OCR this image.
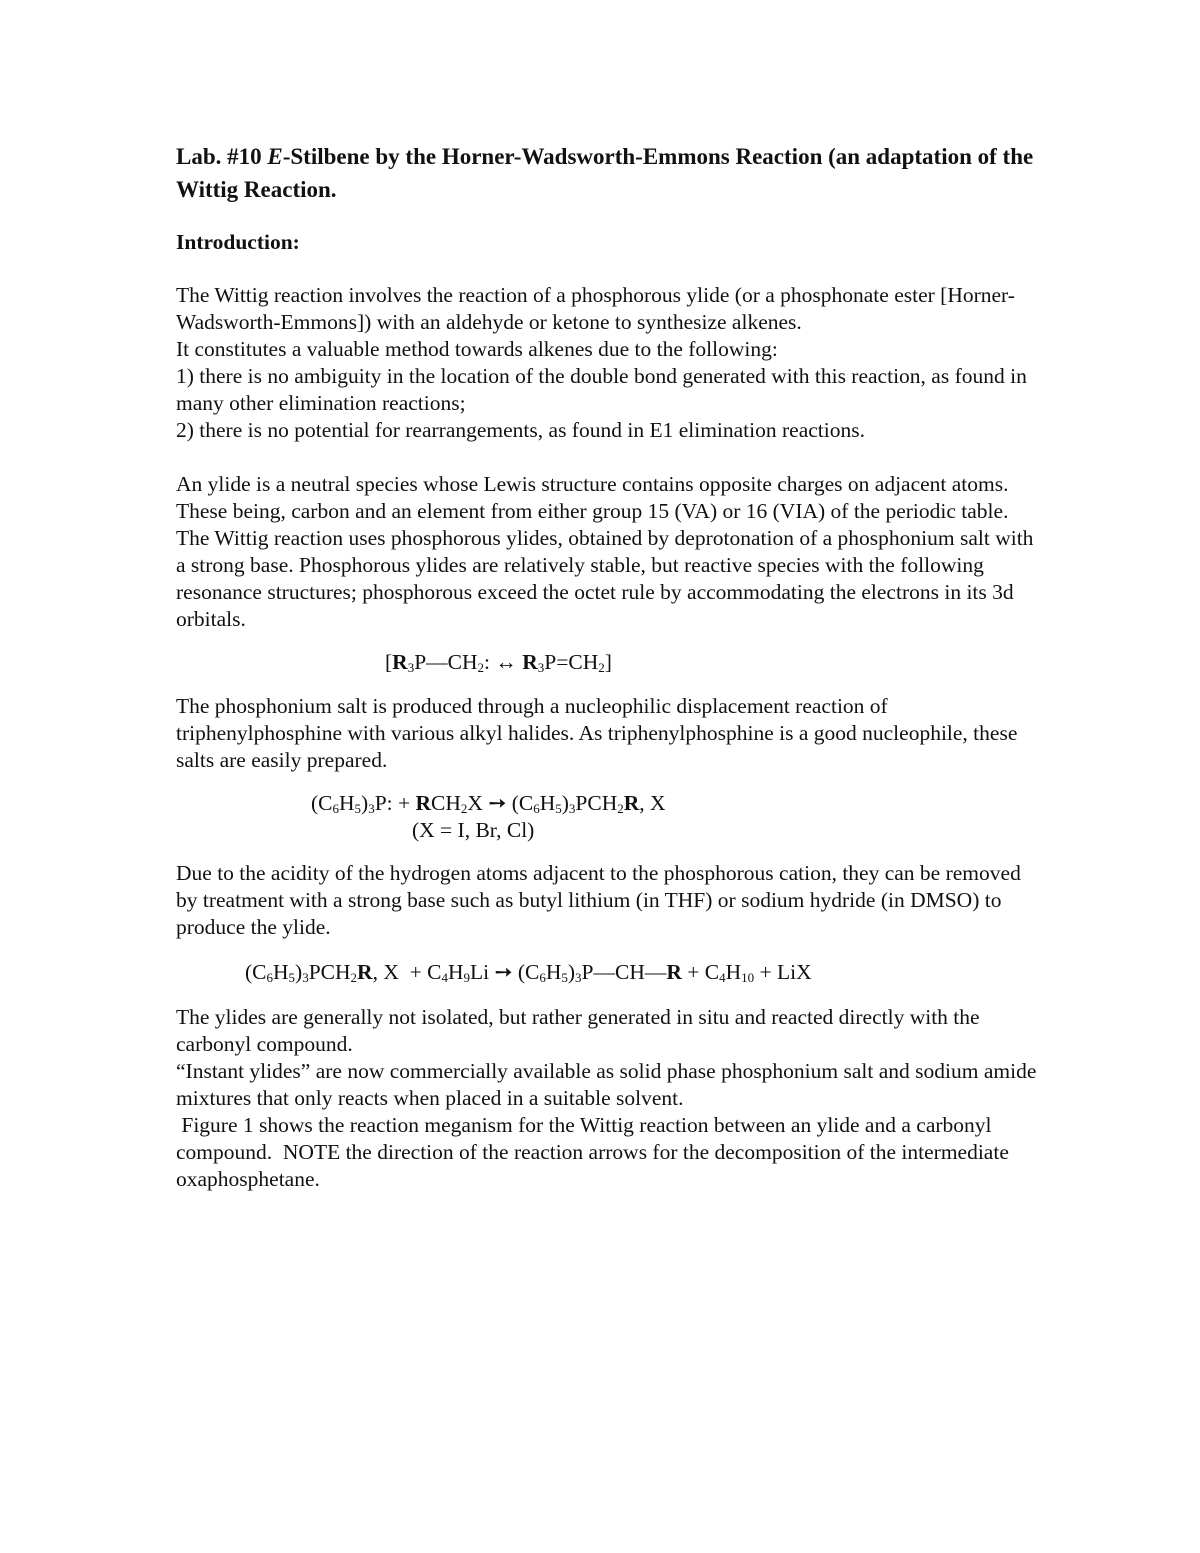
Lab. #10 E-Stilbene by the Horner-Wadsworth-Emmons Reaction (an adaptation of the Wittig Reaction.
Introduction:

The Wittig reaction involves the reaction of a phosphorous ylide (or a phosphonate ester [Horner-Wadsworth-Emmons]) with an aldehyde or ketone to synthesize alkenes.

It constitutes a valuable method towards alkenes due to the following:

1) there is no ambiguity in the location of the double bond generated with this reaction, as found in many other elimination reactions;

2) there is no potential for rearrangements, as found in E1 elimination reactions.

An ylide is a neutral species whose Lewis structure contains opposite charges on adjacent atoms. These being, carbon and an element from either group 15 (VA) or 16 (VIA) of the periodic table. The Wittig reaction uses phosphorous ylides, obtained by deprotonation of a phosphonium salt with a strong base. Phosphorous ylides are relatively stable, but reactive species with the following resonance structures; phosphorous exceed the octet rule by accommodating the electrons in its 3d orbitals.

[$R_3P—CH_2$: ↔ $R_3P=CH_2$]

The phosphonium salt is produced through a nucleophilic displacement reaction of triphenylphosphine with various alkyl halides. As triphenylphosphine is a good nucleophile, these salts are easily prepared.

$(C_6H_5)_3P$: + $RCH_2X$ ➙ $(C_6H_5)_3PCH_2R$, X
(X = I, Br, Cl)

Due to the acidity of the hydrogen atoms adjacent to the phosphorous cation, they can be removed by treatment with a strong base such as butyl lithium (in THF) or sodium hydride (in DMSO) to produce the ylide.

$(C_6H_5)_3PCH_2R$, $X + C_4H_9Li$ ➙ $(C_6H_5)_3P—CH—R + C_4H_{10}$ + LiX

The ylides are generally not isolated, but rather generated in situ and reacted directly with the carbonyl compound.

“Instant ylides” are now commercially available as solid phase phosphonium salt and sodium amide mixtures that only reacts when placed in a suitable solvent.

Figure 1 shows the reaction meganism for the Wittig reaction between an ylide and a carbonyl compound.  NOTE the direction of the reaction arrows for the decomposition of the intermediate oxaphosphetane.
